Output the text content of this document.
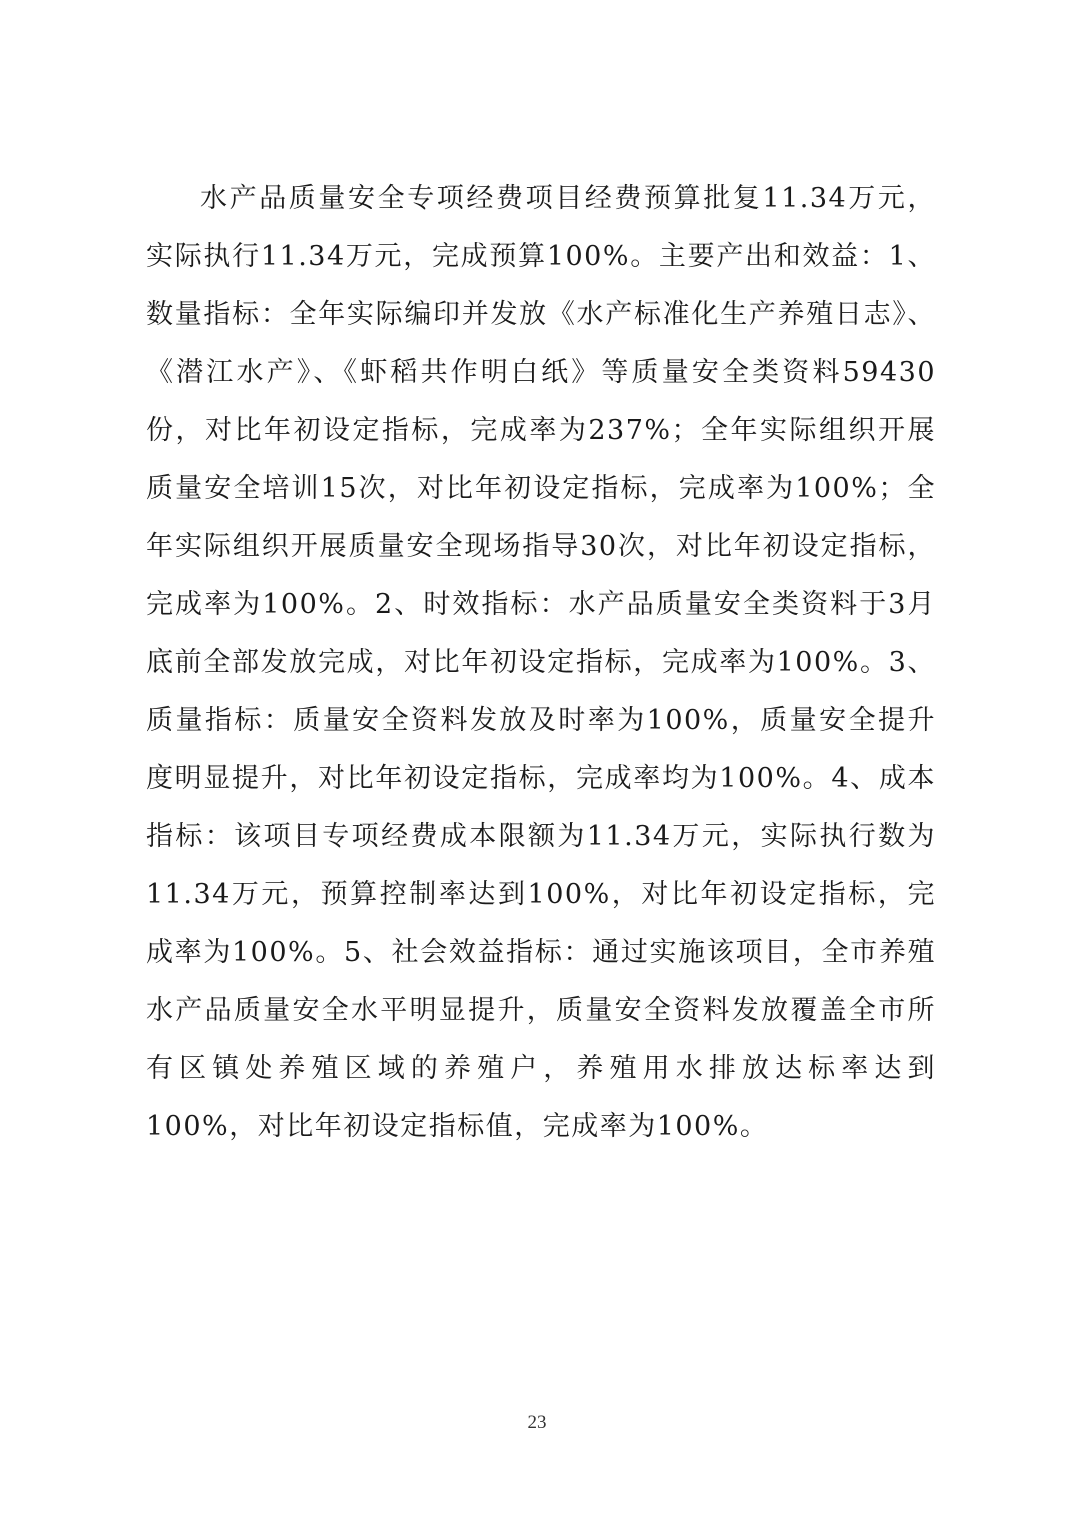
水产品质量安全专项经费项目经费预算批复11.34万元，实际执行11.34万元，完成预算100%。主要产出和效益：1、数量指标：全年实际编印并发放《水产标准化生产养殖日志》、《潜江水产》、《虾稻共作明白纸》等质量安全类资料59430份，对比年初设定指标，完成率为237%；全年实际组织开展质量安全培训15次，对比年初设定指标，完成率为100%；全年实际组织开展质量安全现场指导30次，对比年初设定指标，完成率为100%。2、时效指标：水产品质量安全类资料于3月底前全部发放完成，对比年初设定指标，完成率为100%。3、质量指标：质量安全资料发放及时率为100%，质量安全提升度明显提升，对比年初设定指标，完成率均为100%。4、成本指标：该项目专项经费成本限额为11.34万元，实际执行数为11.34万元，预算控制率达到100%，对比年初设定指标，完成率为100%。5、社会效益指标：通过实施该项目，全市养殖水产品质量安全水平明显提升，质量安全资料发放覆盖全市所有区镇处养殖区域的养殖户，养殖用水排放达标率达到100%，对比年初设定指标值，完成率为100%。

23
